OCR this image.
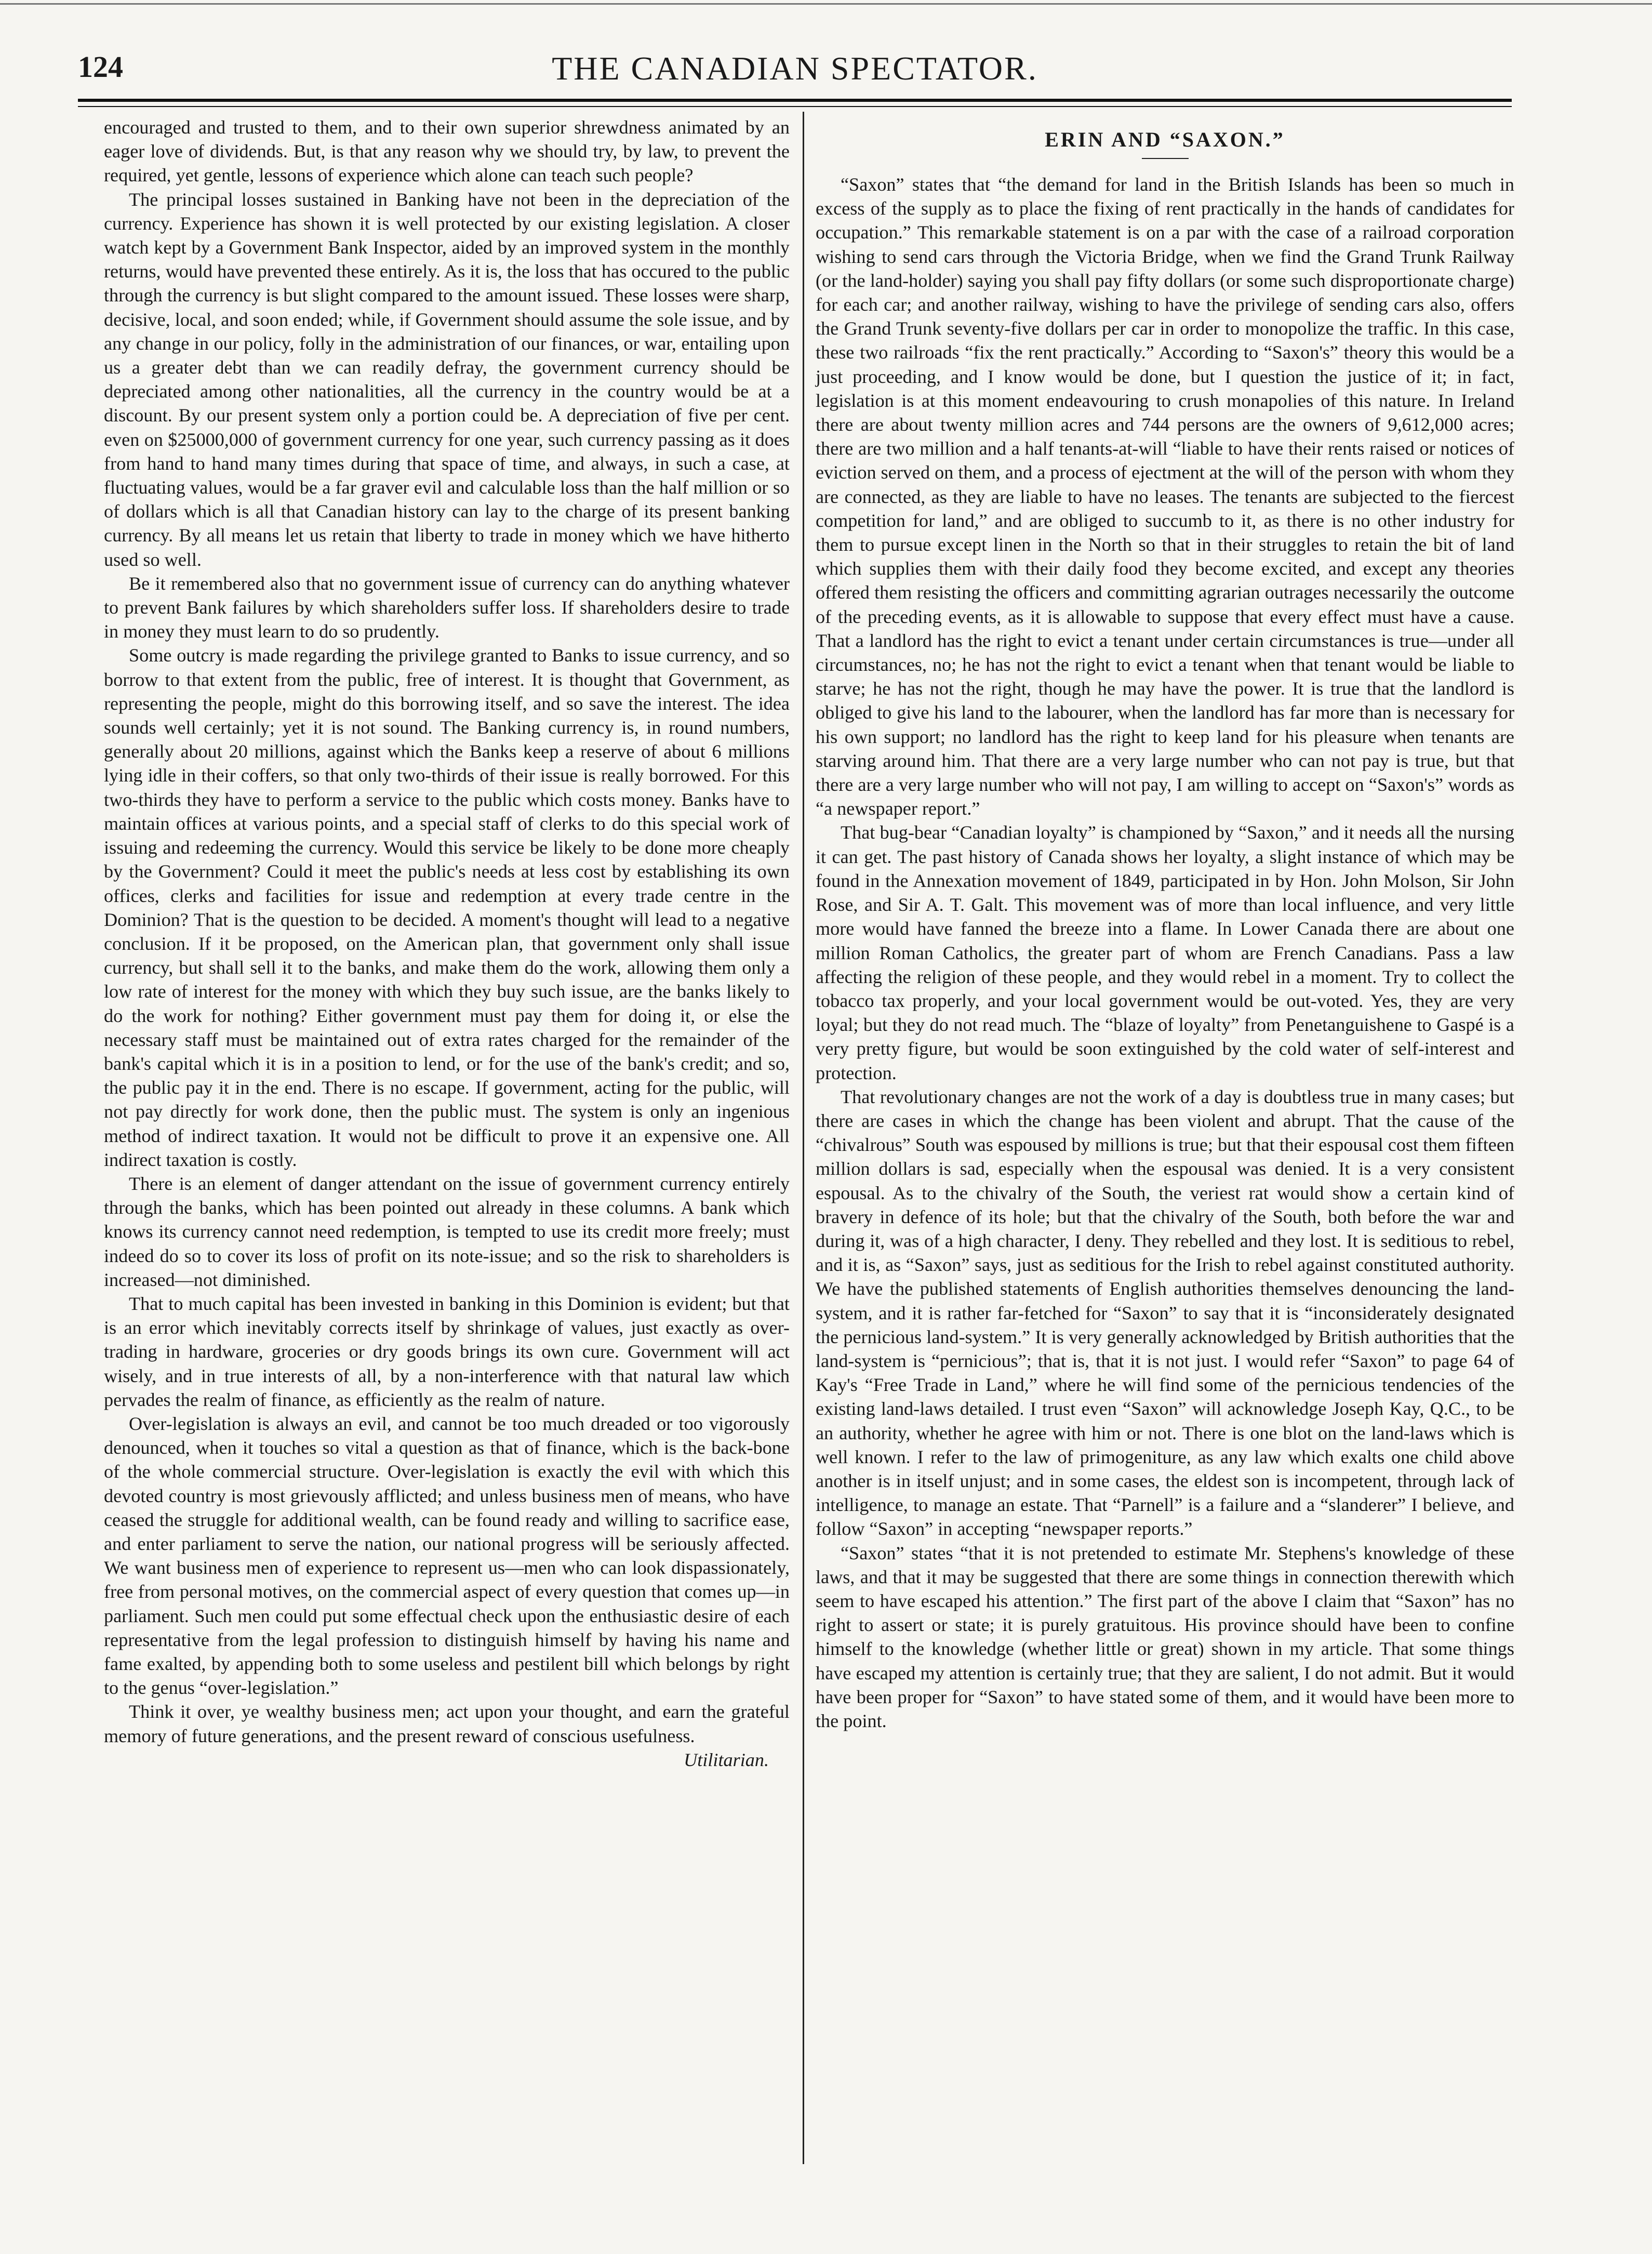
124	THE CANADIAN SPECTATOR.

encouraged and trusted to them, and to their own superior shrewdness animated by an eager love of dividends. But, is that any reason why we should try, by law, to prevent the required, yet gentle, lessons of experience which alone can teach such people?

The principal losses sustained in Banking have not been in the depreciation of the currency. Experience has shown it is well protected by our existing legislation. A closer watch kept by a Government Bank Inspector, aided by an improved system in the monthly returns, would have prevented these entirely. As it is, the loss that has occured to the public through the currency is but slight compared to the amount issued. These losses were sharp, decisive, local, and soon ended; while, if Government should assume the sole issue, and by any change in our policy, folly in the administration of our finances, or war, entailing upon us a greater debt than we can readily defray, the government currency should be depreciated among other nationalities, all the currency in the country would be at a discount. By our present system only a portion could be. A depreciation of five per cent. even on $25000,000 of government currency for one year, such currency passing as it does from hand to hand many times during that space of time, and always, in such a case, at fluctuating values, would be a far graver evil and calculable loss than the half million or so of dollars which is all that Canadian history can lay to the charge of its present banking currency. By all means let us retain that liberty to trade in money which we have hitherto used so well.

Be it remembered also that no government issue of currency can do anything whatever to prevent Bank failures by which shareholders suffer loss. If shareholders desire to trade in money they must learn to do so prudently.

Some outcry is made regarding the privilege granted to Banks to issue currency, and so borrow to that extent from the public, free of interest. It is thought that Government, as representing the people, might do this borrowing itself, and so save the interest. The idea sounds well certainly; yet it is not sound. The Banking currency is, in round numbers, generally about 20 millions, against which the Banks keep a reserve of about 6 millions lying idle in their coffers, so that only two-thirds of their issue is really borrowed. For this two-thirds they have to perform a service to the public which costs money. Banks have to maintain offices at various points, and a special staff of clerks to do this special work of issuing and redeeming the currency. Would this service be likely to be done more cheaply by the Government? Could it meet the public's needs at less cost by establishing its own offices, clerks and facilities for issue and redemption at every trade centre in the Dominion? That is the question to be decided. A moment's thought will lead to a negative conclusion. If it be proposed, on the American plan, that government only shall issue currency, but shall sell it to the banks, and make them do the work, allowing them only a low rate of interest for the money with which they buy such issue, are the banks likely to do the work for nothing? Either government must pay them for doing it, or else the necessary staff must be maintained out of extra rates charged for the remainder of the bank's capital which it is in a position to lend, or for the use of the bank's credit; and so, the public pay it in the end. There is no escape. If government, acting for the public, will not pay directly for work done, then the public must. The system is only an ingenious method of indirect taxation. It would not be difficult to prove it an expensive one. All indirect taxation is costly.

There is an element of danger attendant on the issue of government currency entirely through the banks, which has been pointed out already in these columns. A bank which knows its currency cannot need redemption, is tempted to use its credit more freely; must indeed do so to cover its loss of profit on its note-issue; and so the risk to shareholders is increased—not diminished.

That to much capital has been invested in banking in this Dominion is evident; but that is an error which inevitably corrects itself by shrinkage of values, just exactly as over-trading in hardware, groceries or dry goods brings its own cure. Government will act wisely, and in true interests of all, by a non-interference with that natural law which pervades the realm of finance, as efficiently as the realm of nature.

Over-legislation is always an evil, and cannot be too much dreaded or too vigorously denounced, when it touches so vital a question as that of finance, which is the back-bone of the whole commercial structure. Over-legislation is exactly the evil with which this devoted country is most grievously afflicted; and unless business men of means, who have ceased the struggle for additional wealth, can be found ready and willing to sacrifice ease, and enter parliament to serve the nation, our national progress will be seriously affected. We want business men of experience to represent us—men who can look dispassionately, free from personal motives, on the commercial aspect of every question that comes up—in parliament. Such men could put some effectual check upon the enthusiastic desire of each representative from the legal profession to distinguish himself by having his name and fame exalted, by appending both to some useless and pestilent bill which belongs by right to the genus “over-legislation.”

Think it over, ye wealthy business men; act upon your thought, and earn the grateful memory of future generations, and the present reward of conscious usefulness.
Utilitarian.

ERIN AND “SAXON.”

“Saxon” states that “the demand for land in the British Islands has been so much in excess of the supply as to place the fixing of rent practically in the hands of candidates for occupation.” This remarkable statement is on a par with the case of a railroad corporation wishing to send cars through the Victoria Bridge, when we find the Grand Trunk Railway (or the land-holder) saying you shall pay fifty dollars (or some such disproportionate charge) for each car; and another railway, wishing to have the privilege of sending cars also, offers the Grand Trunk seventy-five dollars per car in order to monopolize the traffic. In this case, these two railroads “fix the rent practically.” According to “Saxon's” theory this would be a just proceeding, and I know would be done, but I question the justice of it; in fact, legislation is at this moment endeavouring to crush monapolies of this nature. In Ireland there are about twenty million acres and 744 persons are the owners of 9,612,000 acres; there are two million and a half tenants-at-will “liable to have their rents raised or notices of eviction served on them, and a process of ejectment at the will of the person with whom they are connected, as they are liable to have no leases. The tenants are subjected to the fiercest competition for land,” and are obliged to succumb to it, as there is no other industry for them to pursue except linen in the North so that in their struggles to retain the bit of land which supplies them with their daily food they become excited, and except any theories offered them resisting the officers and committing agrarian outrages necessarily the outcome of the preceding events, as it is allowable to suppose that every effect must have a cause. That a landlord has the right to evict a tenant under certain circumstances is true—under all circumstances, no; he has not the right to evict a tenant when that tenant would be liable to starve; he has not the right, though he may have the power. It is true that the landlord is obliged to give his land to the labourer, when the landlord has far more than is necessary for his own support; no landlord has the right to keep land for his pleasure when tenants are starving around him. That there are a very large number who can not pay is true, but that there are a very large number who will not pay, I am willing to accept on “Saxon's” words as “a newspaper report.”

That bug-bear “Canadian loyalty” is championed by “Saxon,” and it needs all the nursing it can get. The past history of Canada shows her loyalty, a slight instance of which may be found in the Annexation movement of 1849, participated in by Hon. John Molson, Sir John Rose, and Sir A. T. Galt. This movement was of more than local influence, and very little more would have fanned the breeze into a flame. In Lower Canada there are about one million Roman Catholics, the greater part of whom are French Canadians. Pass a law affecting the religion of these people, and they would rebel in a moment. Try to collect the tobacco tax properly, and your local government would be out-voted. Yes, they are very loyal; but they do not read much. The “blaze of loyalty” from Penetanguishene to Gaspé is a very pretty figure, but would be soon extinguished by the cold water of self-interest and protection.

That revolutionary changes are not the work of a day is doubtless true in many cases; but there are cases in which the change has been violent and abrupt. That the cause of the “chivalrous” South was espoused by millions is true; but that their espousal cost them fifteen million dollars is sad, especially when the espousal was denied. It is a very consistent espousal. As to the chivalry of the South, the veriest rat would show a certain kind of bravery in defence of its hole; but that the chivalry of the South, both before the war and during it, was of a high character, I deny. They rebelled and they lost. It is seditious to rebel, and it is, as “Saxon” says, just as seditious for the Irish to rebel against constituted authority. We have the published statements of English authorities themselves denouncing the land-system, and it is rather far-fetched for “Saxon” to say that it is “inconsiderately designated the pernicious land-system.” It is very generally acknowledged by British authorities that the land-system is “pernicious”; that is, that it is not just. I would refer “Saxon” to page 64 of Kay's “Free Trade in Land,” where he will find some of the pernicious tendencies of the existing land-laws detailed. I trust even “Saxon” will acknowledge Joseph Kay, Q.C., to be an authority, whether he agree with him or not. There is one blot on the land-laws which is well known. I refer to the law of primogeniture, as any law which exalts one child above another is in itself unjust; and in some cases, the eldest son is incompetent, through lack of intelligence, to manage an estate. That “Parnell” is a failure and a “slanderer” I believe, and follow “Saxon” in accepting “newspaper reports.”

“Saxon” states “that it is not pretended to estimate Mr. Stephens's knowledge of these laws, and that it may be suggested that there are some things in connection therewith which seem to have escaped his attention.” The first part of the above I claim that “Saxon” has no right to assert or state; it is purely gratuitous. His province should have been to confine himself to the knowledge (whether little or great) shown in my article. That some things have escaped my attention is certainly true; that they are salient, I do not admit. But it would have been proper for “Saxon” to have stated some of them, and it would have been more to the point.
